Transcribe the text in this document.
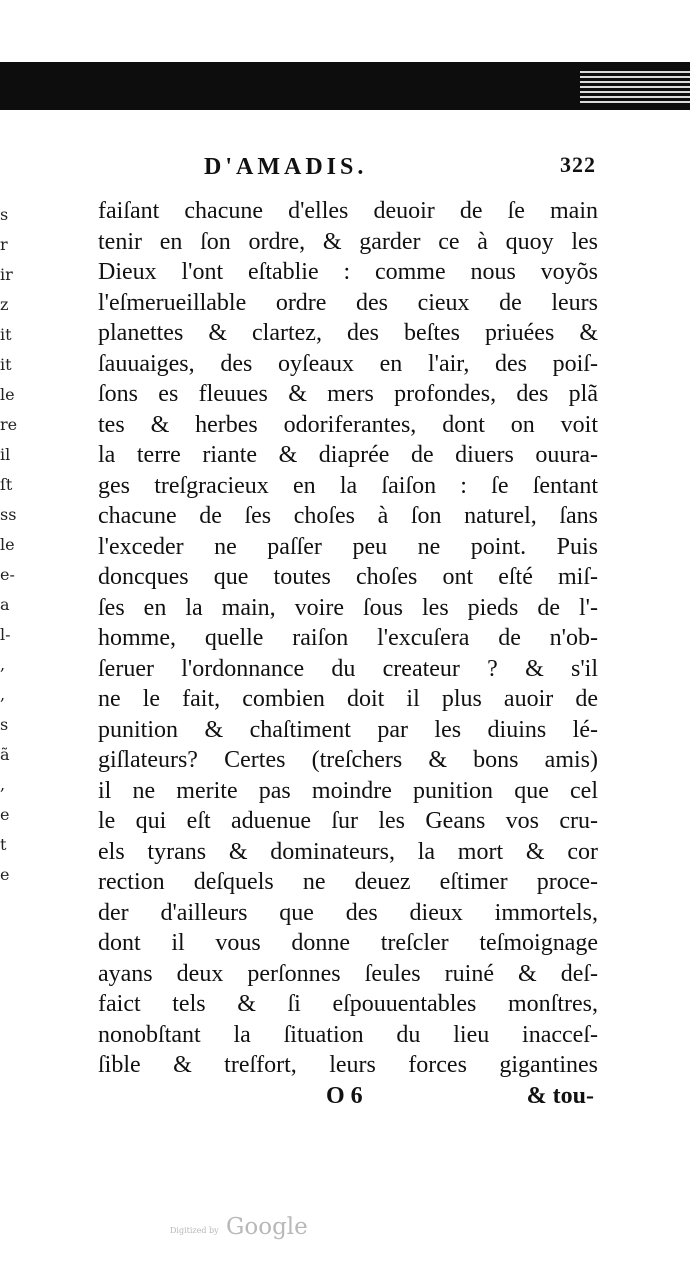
s
r
ir
z
it
it
le
re
il
ſt
ss
le
e-
a
l-
,
,
s
ã
,
e
t
e
D'AMADIS.	322
faiſant chacune d'elles deuoir de ſe main
tenir en ſon ordre, & garder ce à quoy les
Dieux l'ont eſtablie : comme nous voyõs
l'eſmerueillable ordre des cieux de leurs
planettes & clartez, des beſtes priuées &
ſauuaiges, des oyſeaux en l'air, des poiſ-
ſons es fleuues & mers profondes, des plã
tes & herbes odoriferantes, dont on voit
la terre riante & diaprée de diuers ouura-
ges treſgracieux en la ſaiſon : ſe ſentant
chacune de ſes choſes à ſon naturel, ſans
l'exceder ne paſſer peu ne point. Puis
doncques que toutes choſes ont eſté miſ-
ſes en la main, voire ſous les pieds de l'-
homme, quelle raiſon l'excuſera de n'ob-
ſeruer l'ordonnance du createur ? & s'il
ne le fait, combien doit il plus auoir de
punition & chaſtiment par les diuins lé-
giſlateurs? Certes (treſchers & bons amis)
il ne merite pas moindre punition que cel
le qui eſt aduenue ſur les Geans vos cru-
els tyrans & dominateurs, la mort & cor
rection deſquels ne deuez eſtimer proce-
der d'ailleurs que des dieux immortels,
dont il vous donne treſcler teſmoignage
ayans deux perſonnes ſeules ruiné & deſ-
faict tels & ſi eſpouuentables monſtres,
nonobſtant la ſituation du lieu inacceſ-
ſible & treſfort, leurs forces gigantines
O 6	& tou-
Digitized by Google
